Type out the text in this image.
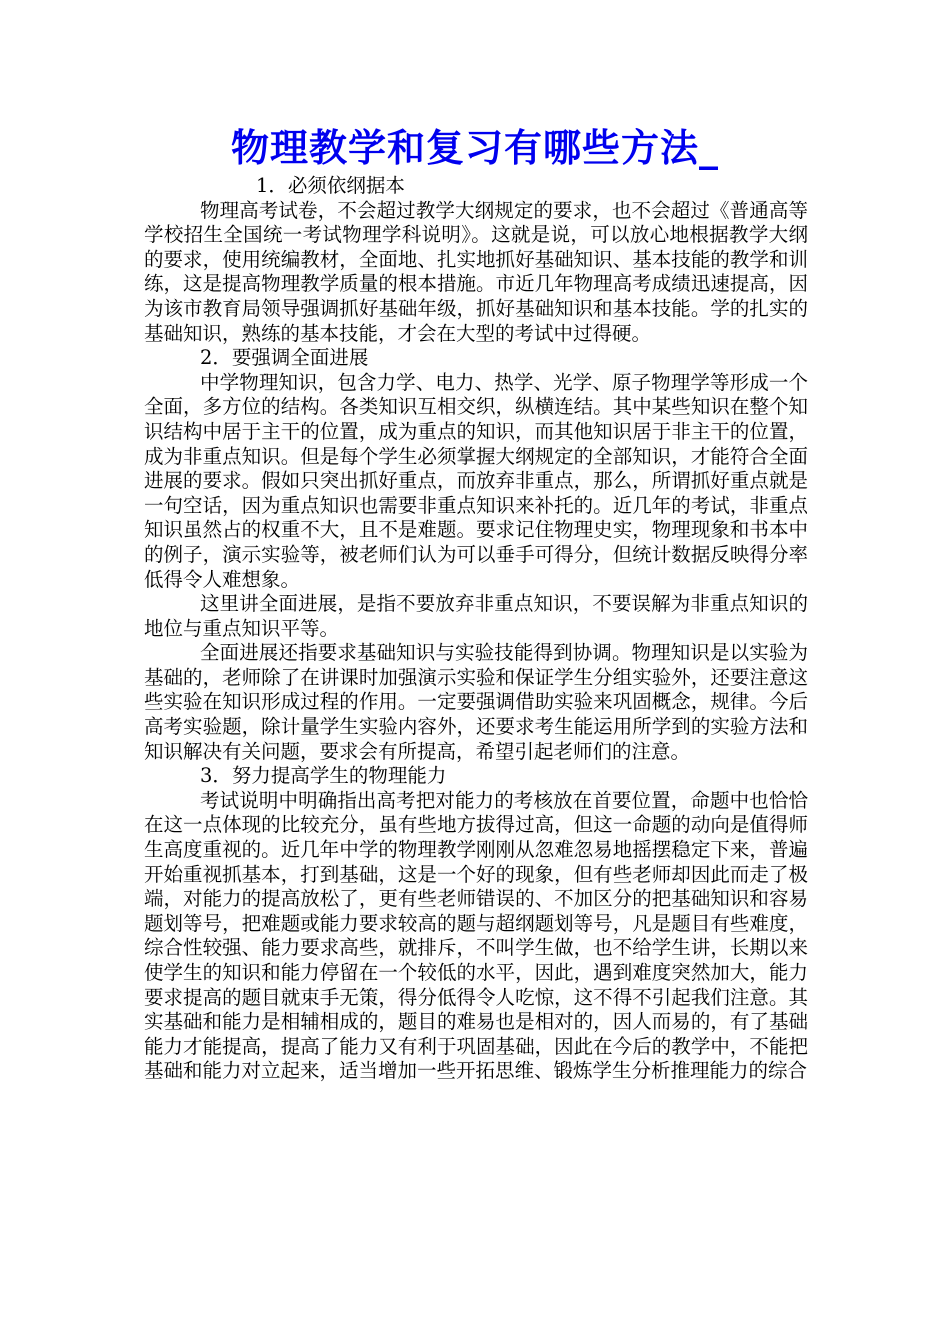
物理教学和复习有哪些方法_
1．必须依纲据本

物理高考试卷，不会超过教学大纲规定的要求，也不会超过《普通高等学校招生全国统一考试物理学科说明》。这就是说，可以放心地根据教学大纲的要求，使用统编教材，全面地、扎实地抓好基础知识、基本技能的教学和训练，这是提高物理教学质量的根本措施。市近几年物理高考成绩迅速提高，因为该市教育局领导强调抓好基础年级，抓好基础知识和基本技能。学的扎实的基础知识，熟练的基本技能，才会在大型的考试中过得硬。

2．要强调全面进展

中学物理知识，包含力学、电力、热学、光学、原子物理学等形成一个全面，多方位的结构。各类知识互相交织，纵横连结。其中某些知识在整个知识结构中居于主干的位置，成为重点的知识，而其他知识居于非主干的位置，成为非重点知识。但是每个学生必须掌握大纲规定的全部知识，才能符合全面进展的要求。假如只突出抓好重点，而放弃非重点，那么，所谓抓好重点就是一句空话，因为重点知识也需要非重点知识来补托的。近几年的考试，非重点知识虽然占的权重不大，且不是难题。要求记住物理史实，物理现象和书本中的例子，演示实验等，被老师们认为可以垂手可得分，但统计数据反映得分率低得令人难想象。

这里讲全面进展，是指不要放弃非重点知识，不要误解为非重点知识的地位与重点知识平等。

全面进展还指要求基础知识与实验技能得到协调。物理知识是以实验为基础的，老师除了在讲课时加强演示实验和保证学生分组实验外，还要注意这些实验在知识形成过程的作用。一定要强调借助实验来巩固概念，规律。今后高考实验题，除计量学生实验内容外，还要求考生能运用所学到的实验方法和知识解决有关问题，要求会有所提高，希望引起老师们的注意。

3．努力提高学生的物理能力

考试说明中明确指出高考把对能力的考核放在首要位置，命题中也恰恰在这一点体现的比较充分，虽有些地方拔得过高，但这一命题的动向是值得师生高度重视的。近几年中学的物理教学刚刚从忽难忽易地摇摆稳定下来，普遍开始重视抓基本，打到基础，这是一个好的现象，但有些老师却因此而走了极端，对能力的提高放松了，更有些老师错误的、不加区分的把基础知识和容易题划等号，把难题或能力要求较高的题与超纲题划等号，凡是题目有些难度，综合性较强、能力要求高些，就排斥，不叫学生做，也不给学生讲，长期以来使学生的知识和能力停留在一个较低的水平，因此，遇到难度突然加大，能力要求提高的题目就束手无策，得分低得令人吃惊，这不得不引起我们注意。其实基础和能力是相辅相成的，题目的难易也是相对的，因人而易的，有了基础能力才能提高，提高了能力又有利于巩固基础，因此在今后的教学中，不能把基础和能力对立起来，适当增加一些开拓思维、锻炼学生分析推理能力的综合
